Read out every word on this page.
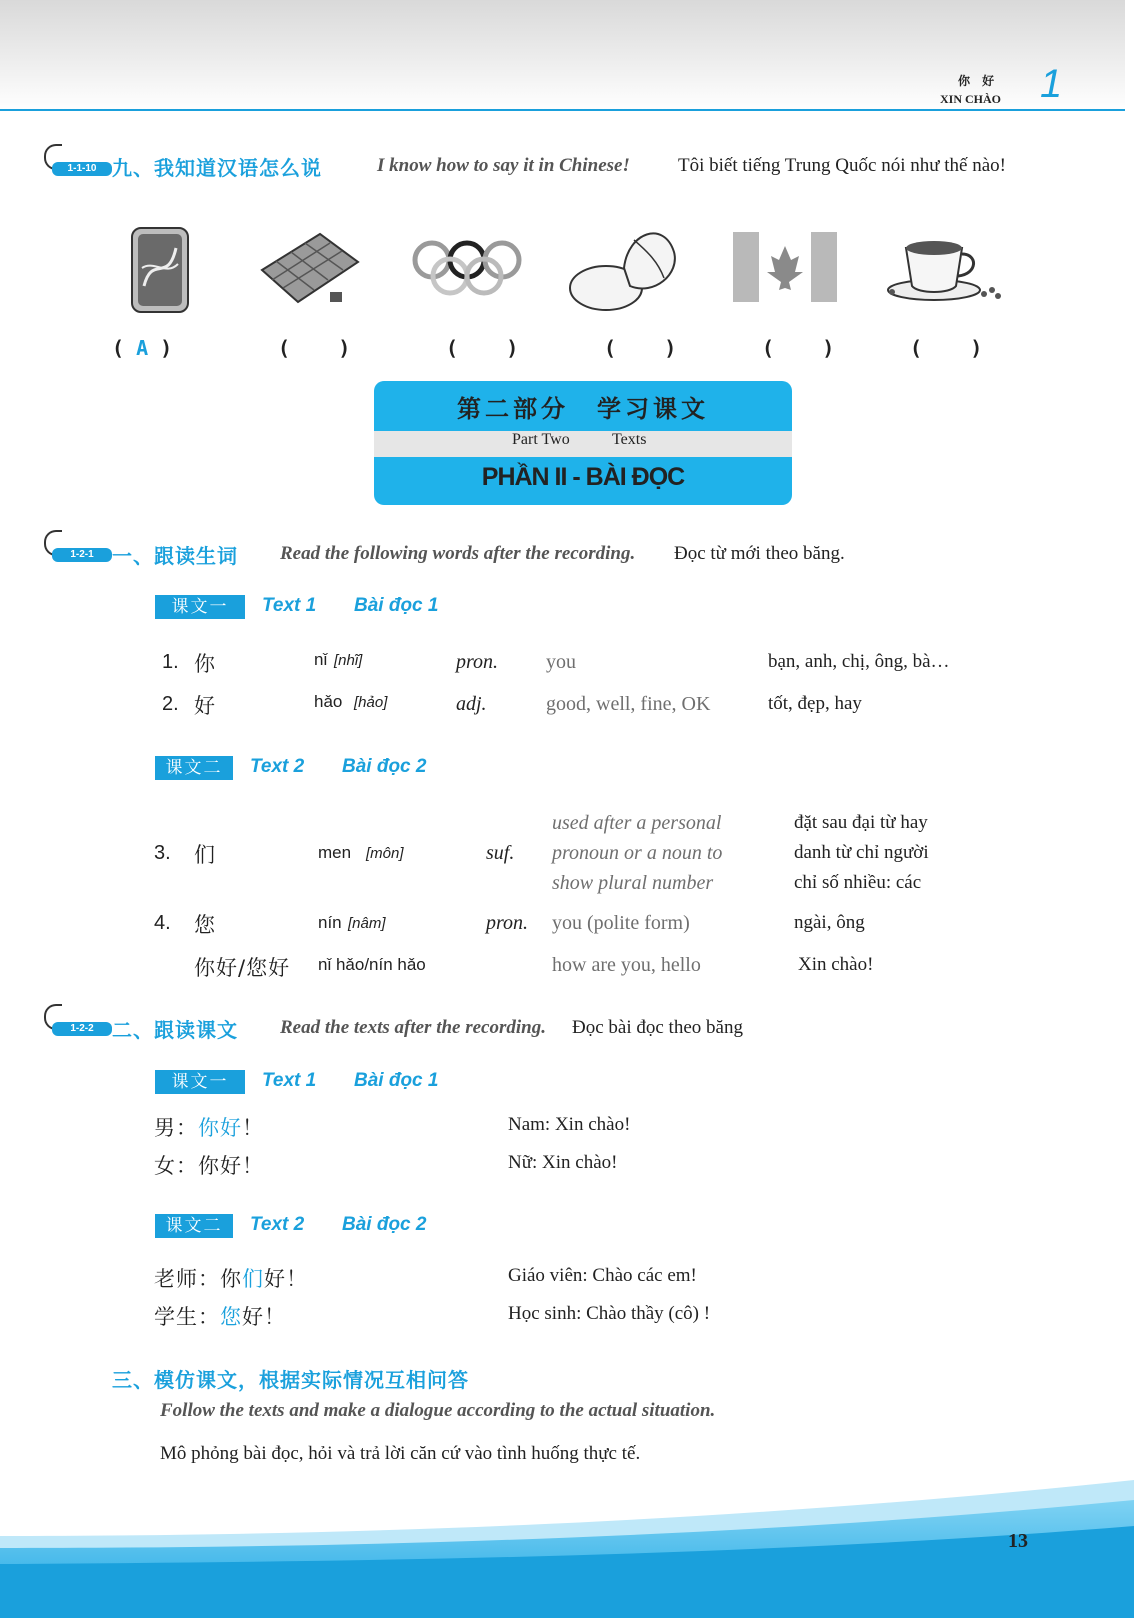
你 好
XIN CHÀO 1
1-1-10 九、我知道汉语怎么说	I know how to say it in Chinese!	Tôi biết tiếng Trung Quốc nói như thế nào!
( A )	(    )	(    )	(    )	(    )	(    )
第二部分　学习课文
Part Two	Texts
PHẦN II - BÀI ĐỌC
1-2-1 一、跟读生词 Read the following words after the recording. Đọc từ mới theo băng.
课文一	Text 1 Bài đọc 1
1. 你	nǐ [nhĩ]	pron. you	bạn, anh, chị, ông, bà…
2. 好	hǎo [hảo]	adj.	good, well, fine, OK	tốt, đẹp, hay
课文二	Text 2 Bài đọc 2
3. 们	men [môn]	suf.
used after a personal
pronoun or a noun to
show plural number
đặt sau đại từ hay
danh từ chỉ người
chỉ số nhiều: các
4. 您	nín [nâm]	pron. you (polite form)	ngài, ông
你好/您好 nǐ hǎo/nín hǎo	how are you, hello	Xin chào!
1-2-2 二、跟读课文 Read the texts after the recording. Đọc bài đọc theo băng
课文一	Text 1 Bài đọc 1
男：你好！	Nam: Xin chào!
女：你好！	Nữ: Xin chào!
课文二	Text 2 Bài đọc 2
老师：你们好！	Giáo viên: Chào các em!
学生：您好！	Học sinh: Chào thầy (cô) !
三、模仿课文，根据实际情况互相问答
Follow the texts and make a dialogue according to the actual situation.
Mô phỏng bài đọc, hỏi và trả lời căn cứ vào tình huống thực tế.
13
